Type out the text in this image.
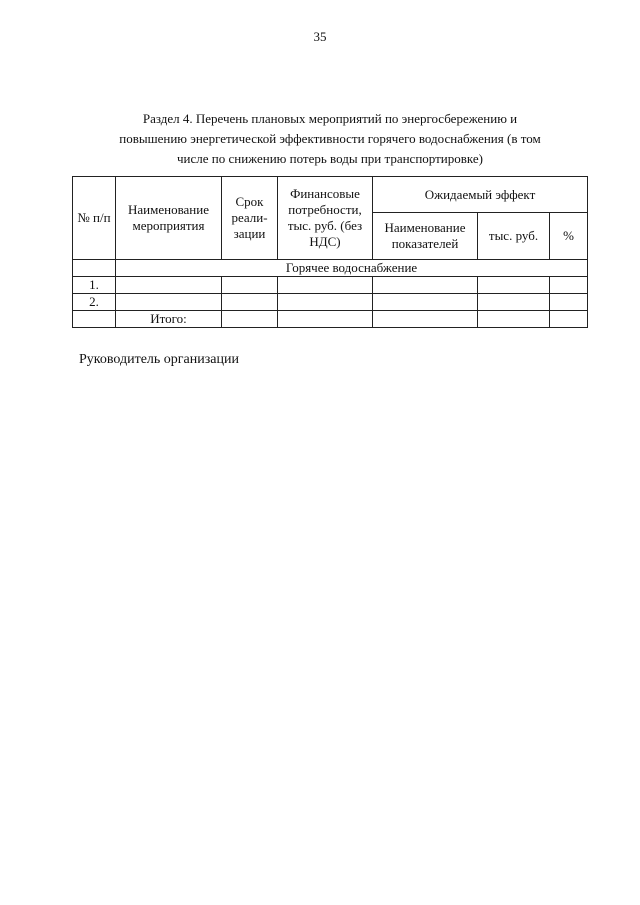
35
Раздел 4. Перечень плановых мероприятий по энергосбережению и
повышению энергетической эффективности горячего водоснабжения (в том
числе по снижению потерь воды при транспортировке)
№ п/п	Наименование мероприятия	Срок реали-зации	Финансовые потребности, тыс. руб. (без НДС)	Ожидаемый эффект		
				Наименование показателей	тыс. руб.	%
	Горячее водоснабжение					
1.						
2.						
	Итого:					
Руководитель организации
